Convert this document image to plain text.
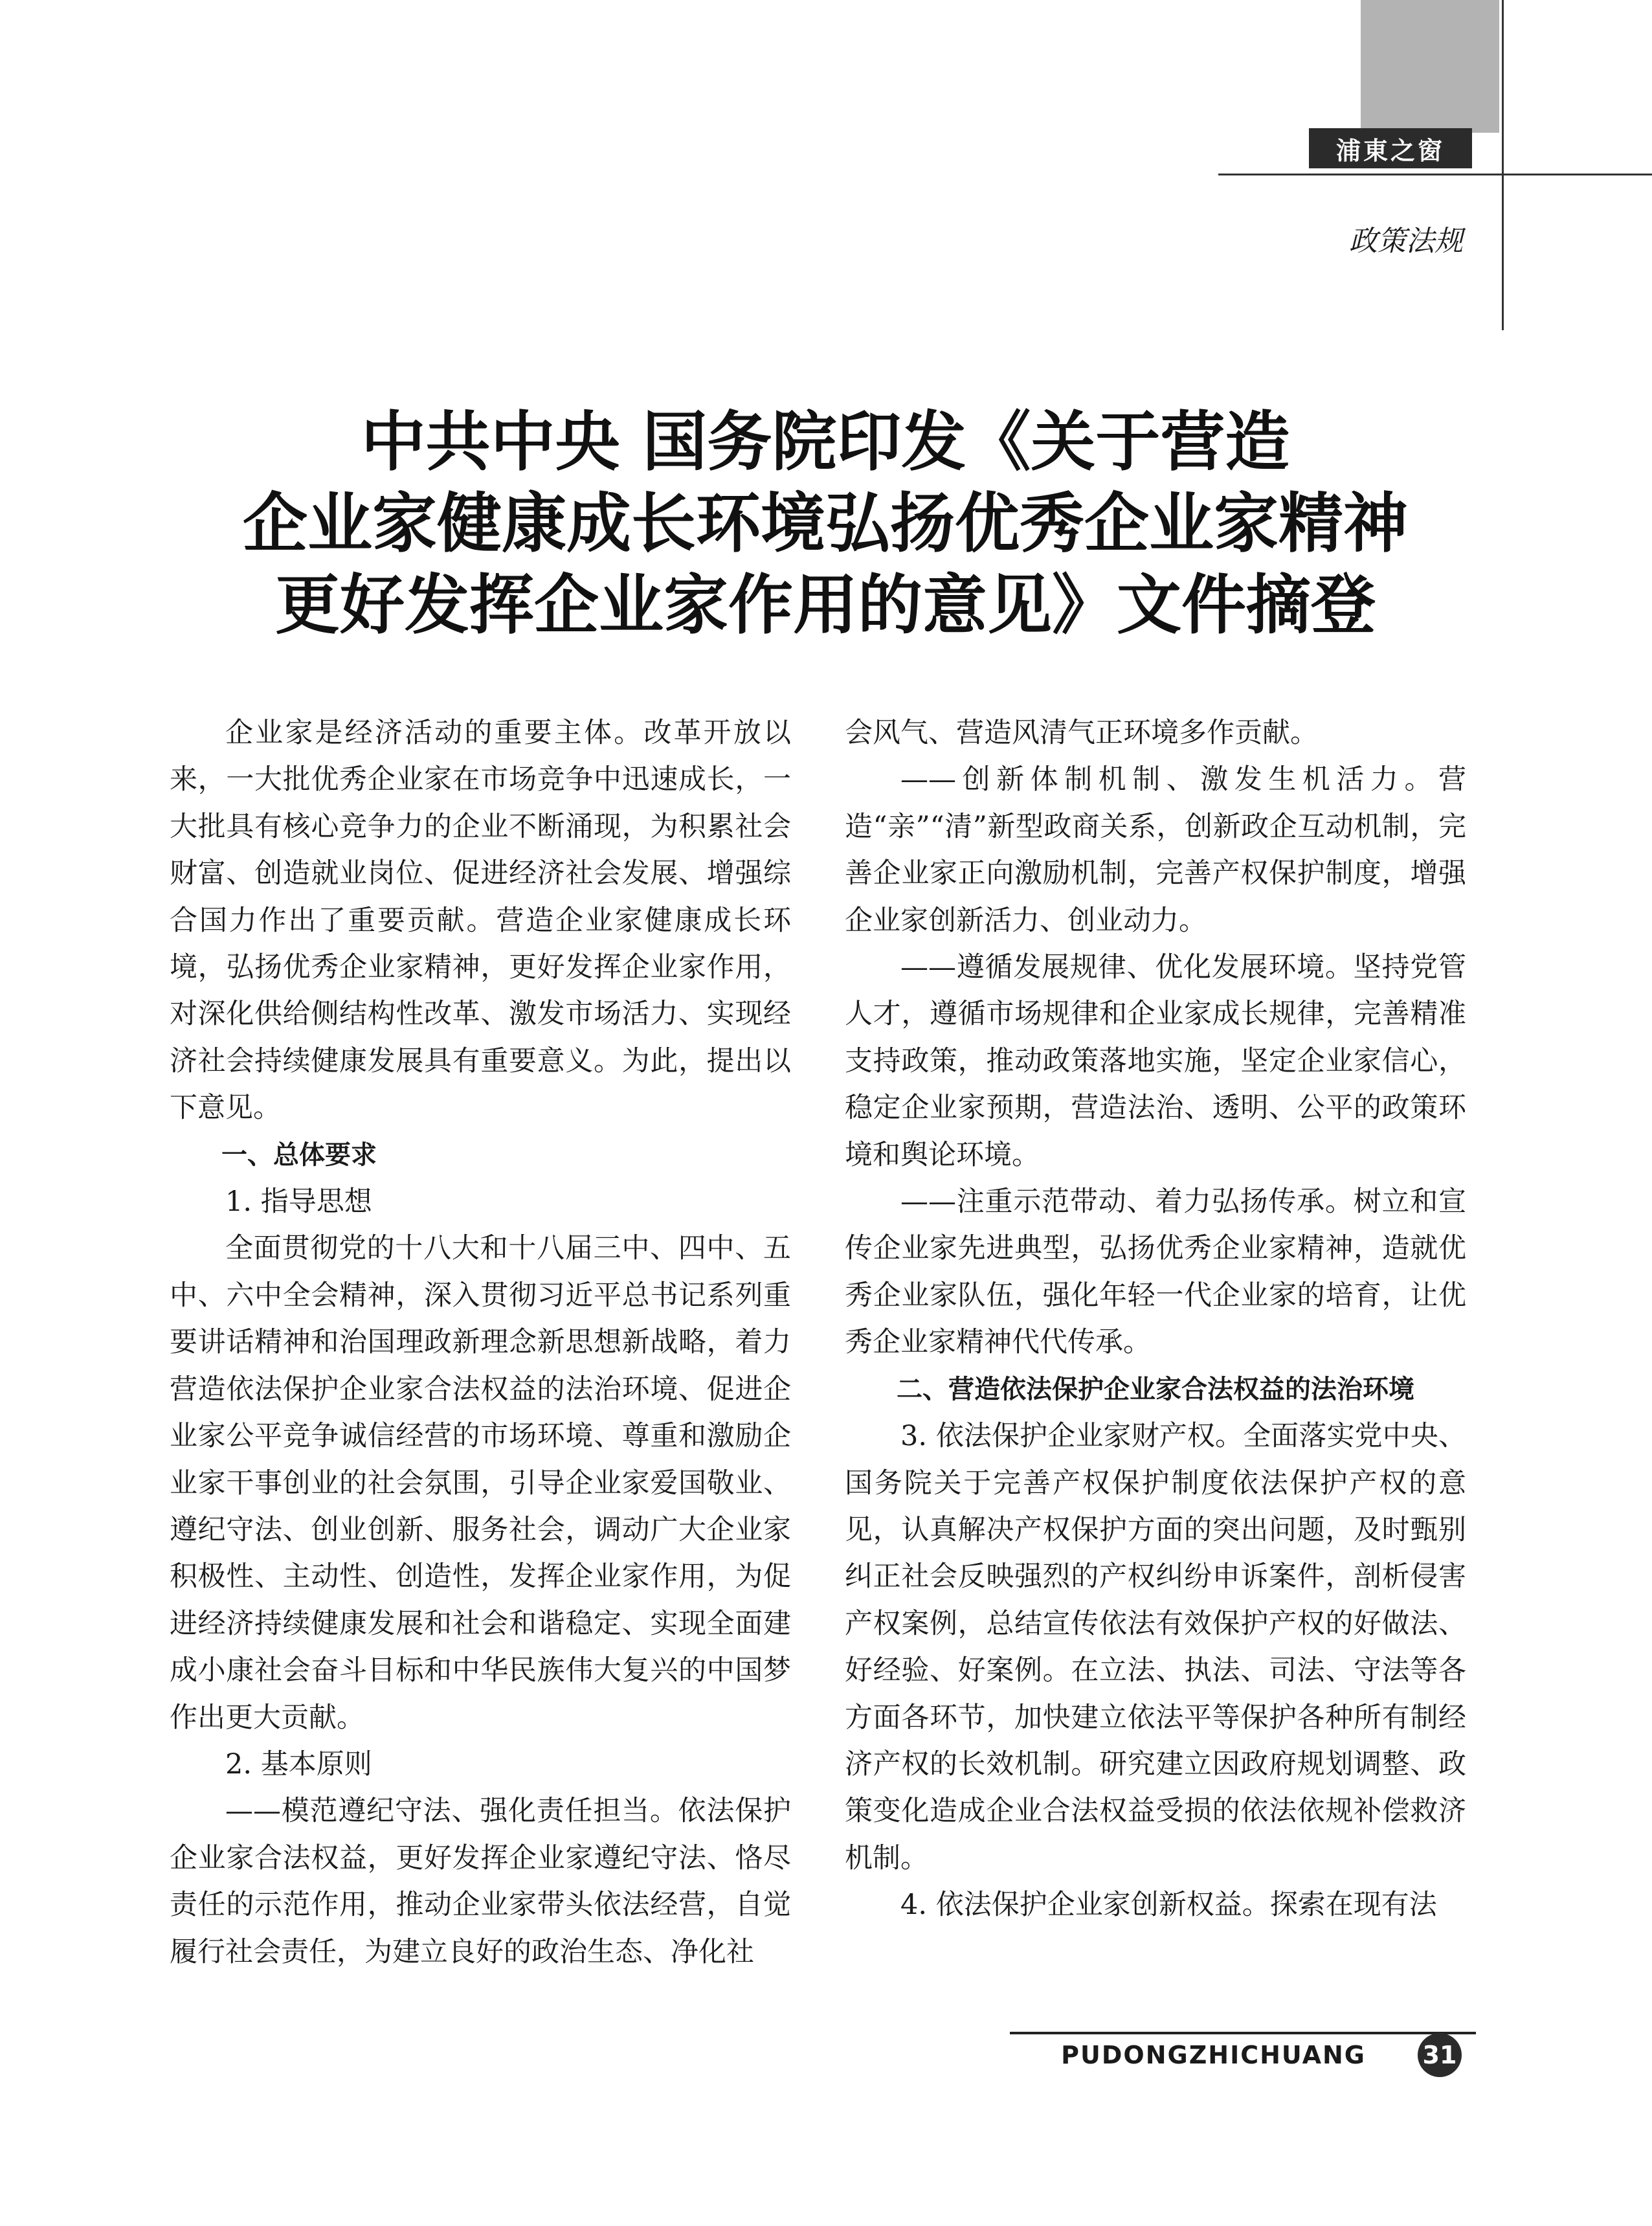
浦東之窗
政策法规
中共中央 国务院印发《关于营造
企业家健康成长环境弘扬优秀企业家精神
更好发挥企业家作用的意见》文件摘登

企业家是经济活动的重要主体。改革开放以来，一大批优秀企业家在市场竞争中迅速成长，一大批具有核心竞争力的企业不断涌现，为积累社会财富、创造就业岗位、促进经济社会发展、增强综合国力作出了重要贡献。营造企业家健康成长环境，弘扬优秀企业家精神，更好发挥企业家作用，对深化供给侧结构性改革、激发市场活力、实现经济社会持续健康发展具有重要意义。为此，提出以下意见。

一、总体要求

1. 指导思想

全面贯彻党的十八大和十八届三中、四中、五中、六中全会精神，深入贯彻习近平总书记系列重要讲话精神和治国理政新理念新思想新战略，着力营造依法保护企业家合法权益的法治环境、促进企业家公平竞争诚信经营的市场环境、尊重和激励企业家干事创业的社会氛围，引导企业家爱国敬业、遵纪守法、创业创新、服务社会，调动广大企业家积极性、主动性、创造性，发挥企业家作用，为促进经济持续健康发展和社会和谐稳定、实现全面建成小康社会奋斗目标和中华民族伟大复兴的中国梦作出更大贡献。

2. 基本原则

——模范遵纪守法、强化责任担当。依法保护企业家合法权益，更好发挥企业家遵纪守法、恪尽责任的示范作用，推动企业家带头依法经营，自觉履行社会责任，为建立良好的政治生态、净化社

会风气、营造风清气正环境多作贡献。

——创新体制机制、激发生机活力。营造“亲”“清”新型政商关系，创新政企互动机制，完善企业家正向激励机制，完善产权保护制度，增强企业家创新活力、创业动力。

——遵循发展规律、优化发展环境。坚持党管人才，遵循市场规律和企业家成长规律，完善精准支持政策，推动政策落地实施，坚定企业家信心，稳定企业家预期，营造法治、透明、公平的政策环境和舆论环境。

——注重示范带动、着力弘扬传承。树立和宣传企业家先进典型，弘扬优秀企业家精神，造就优秀企业家队伍，强化年轻一代企业家的培育，让优秀企业家精神代代传承。

二、营造依法保护企业家合法权益的法治环境

3. 依法保护企业家财产权。全面落实党中央、国务院关于完善产权保护制度依法保护产权的意见，认真解决产权保护方面的突出问题，及时甄别纠正社会反映强烈的产权纠纷申诉案件，剖析侵害产权案例，总结宣传依法有效保护产权的好做法、好经验、好案例。在立法、执法、司法、守法等各方面各环节，加快建立依法平等保护各种所有制经济产权的长效机制。研究建立因政府规划调整、政策变化造成企业合法权益受损的依法依规补偿救济机制。

4. 依法保护企业家创新权益。探索在现有法

PUDONGZHICHUANG 31
